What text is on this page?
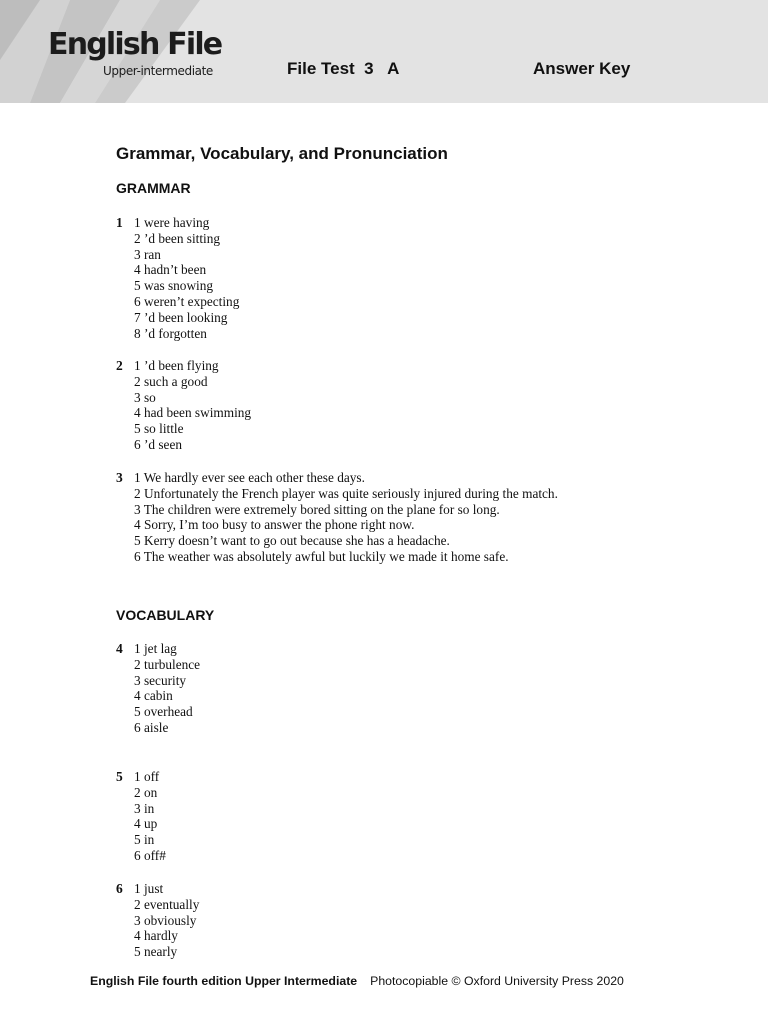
English File
Upper-intermediate	File Test  3   A	Answer Key
Grammar, Vocabulary, and Pronunciation
GRAMMAR
1 1 were having
2 ’d been sitting
3 ran
4 hadn’t been
5 was snowing
6 weren’t expecting
7 ’d been looking
8 ’d forgotten
2 1 ’d been flying
2 such a good
3 so
4 had been swimming
5 so little
6 ’d seen
3 1 We hardly ever see each other these days.
2 Unfortunately the French player was quite seriously injured during the match.
3 The children were extremely bored sitting on the plane for so long.
4 Sorry, I’m too busy to answer the phone right now.
5 Kerry doesn’t want to go out because she has a headache.
6 The weather was absolutely awful but luckily we made it home safe.
VOCABULARY
4 1 jet lag
2 turbulence
3 security
4 cabin
5 overhead
6 aisle
5 1 off
2 on
3 in
4 up
5 in
6 off#
6 1 just
2 eventually
3 obviously
4 hardly
5 nearly
English File fourth edition Upper Intermediate Photocopiable © Oxford University Press 2020
